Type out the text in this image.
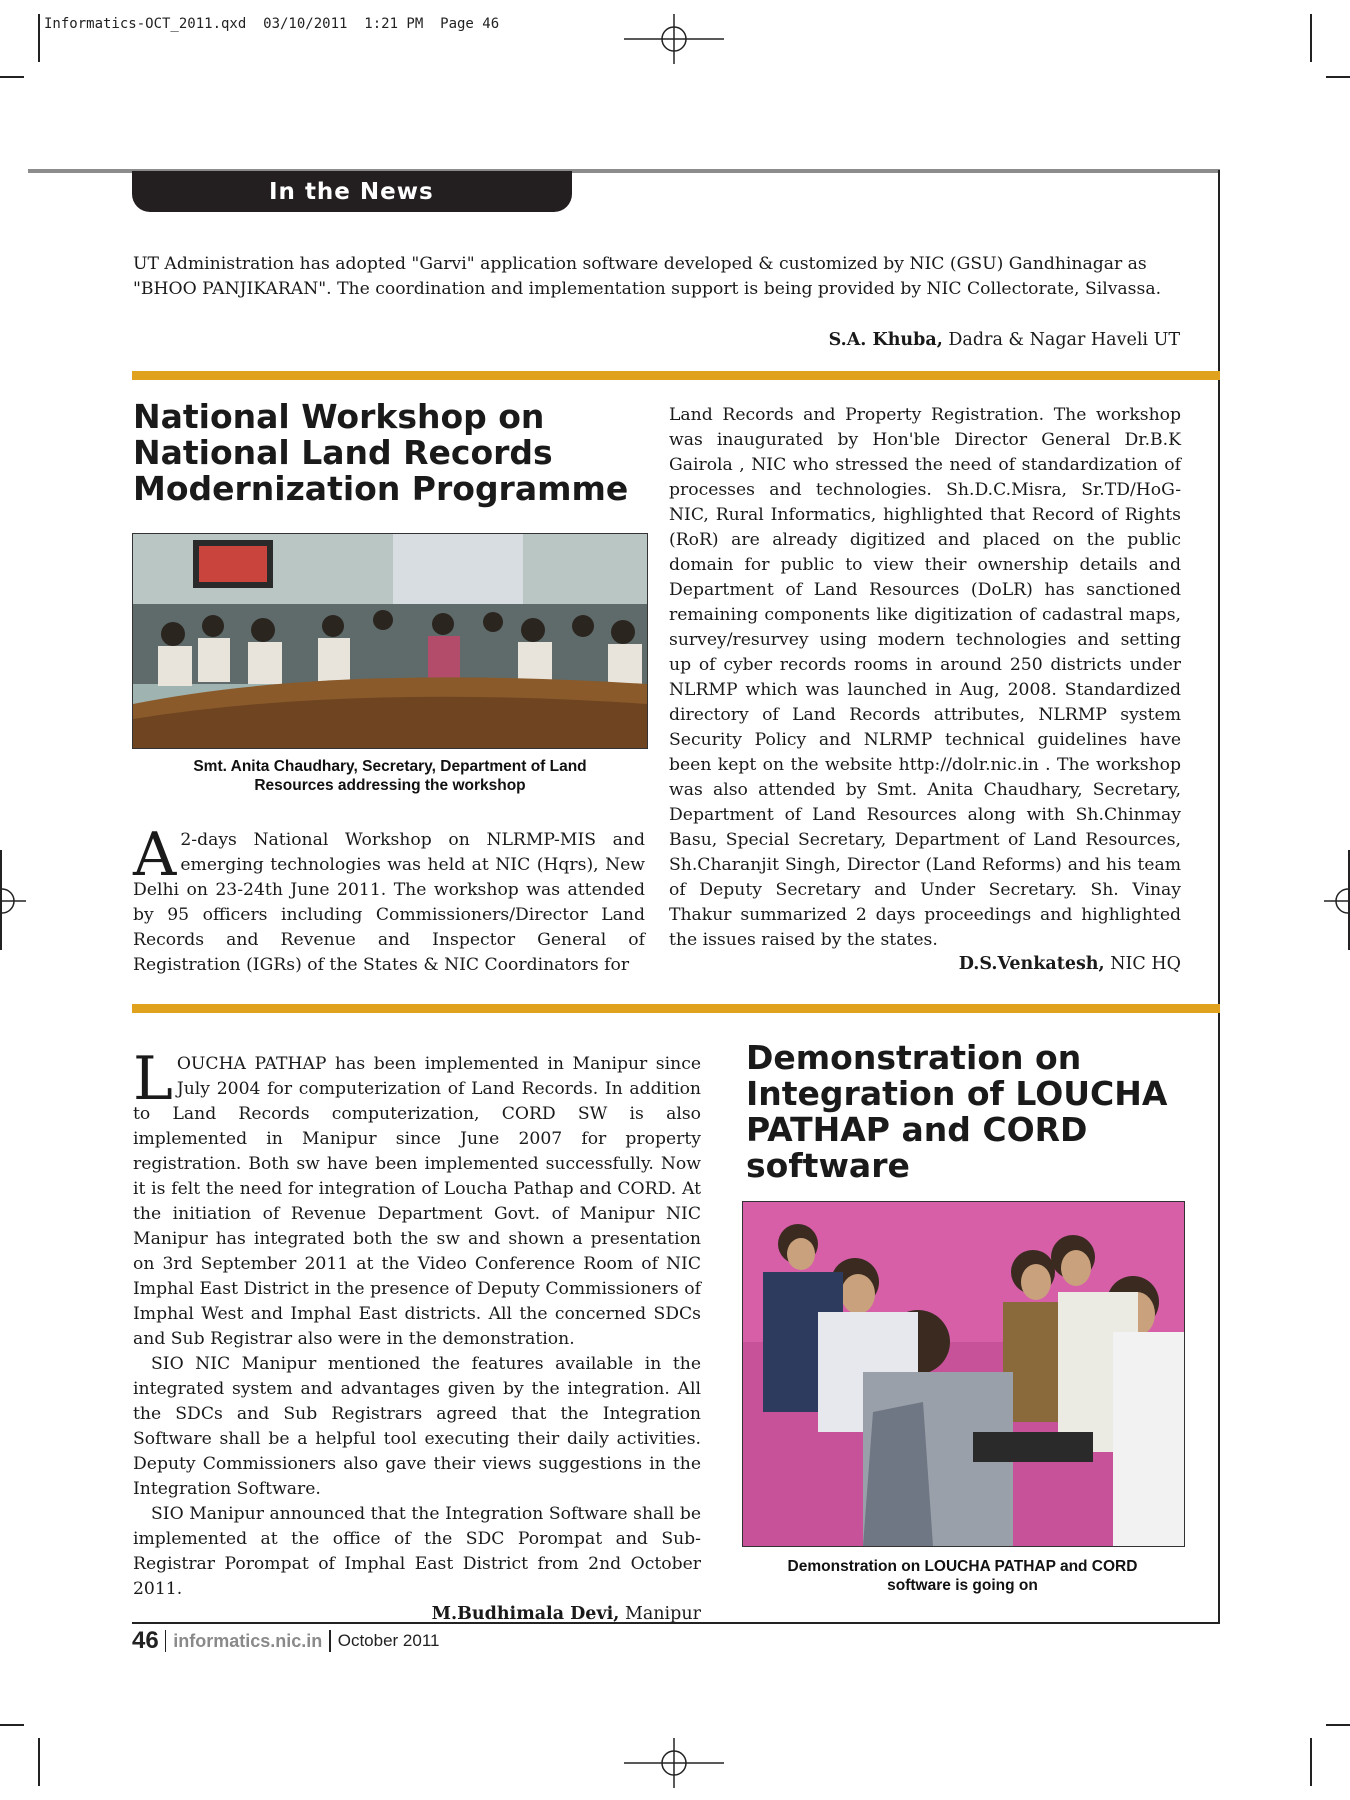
Informatics-OCT_2011.qxd  03/10/2011  1:21 PM  Page 46
In the News
UT Administration has adopted "Garvi" application software developed & customized by NIC (GSU) Gandhinagar as "BHOO PANJIKARAN". The coordination and implementation support is being provided by NIC Collectorate, Silvassa.
S.A. Khuba, Dadra & Nagar Haveli UT
National Workshop on National Land Records Modernization Programme
Smt. Anita Chaudhary, Secretary, Department of Land Resources addressing the workshop
A 2-days National Workshop on NLRMP-MIS and emerging technologies was held at NIC (Hqrs), New Delhi on 23-24th June 2011. The workshop was attended by 95 officers including Commissioners/Director Land Records and Revenue and Inspector General of Registration (IGRs) of the States & NIC Coordinators for
Land Records and Property Registration. The workshop was inaugurated by Hon'ble Director General Dr.B.K Gairola , NIC who stressed the need of standardization of processes and technologies. Sh.D.C.Misra, Sr.TD/HoG-NIC, Rural Informatics, highlighted that Record of Rights (RoR) are already digitized and placed on the public domain for public to view their ownership details and Department of Land Resources (DoLR) has sanctioned remaining components like digitization of cadastral maps, survey/resurvey using modern technologies and setting up of cyber records rooms in around 250 districts under NLRMP which was launched in Aug, 2008. Standardized directory of Land Records attributes, NLRMP system Security Policy and NLRMP technical guidelines have been kept on the website http://dolr.nic.in . The workshop was also attended by Smt. Anita Chaudhary, Secretary, Department of Land Resources along with Sh.Chinmay Basu, Special Secretary, Department of Land Resources, Sh.Charanjit Singh, Director (Land Reforms) and his team of Deputy Secretary and Under Secretary. Sh. Vinay Thakur summarized 2 days proceedings and highlighted the issues raised by the states.
D.S.Venkatesh, NIC HQ

L OUCHA PATHAP has been implemented in Manipur since July 2004 for computerization of Land Records. In addition to Land Records computerization, CORD SW is also implemented in Manipur since June 2007 for property registration. Both sw have been implemented successfully. Now it is felt the need for integration of Loucha Pathap and CORD. At the initiation of Revenue Department Govt. of Manipur NIC Manipur has integrated both the sw and shown a presentation on 3rd September 2011 at the Video Conference Room of NIC Imphal East District in the presence of Deputy Commissioners of Imphal West and Imphal East districts. All the concerned SDCs and Sub Registrar also were in the demonstration.

SIO NIC Manipur mentioned the features available in the integrated system and advantages given by the integration. All the SDCs and Sub Registrars agreed that the Integration Software shall be a helpful tool executing their daily activities. Deputy Commissioners also gave their views suggestions in the Integration Software.

SIO Manipur announced that the Integration Software shall be implemented at the office of the SDC Porompat and Sub-Registrar Porompat of Imphal East District from 2nd October 2011.

M.Budhimala Devi, Manipur
Demonstration on Integration of LOUCHA PATHAP and CORD software
Demonstration on LOUCHA PATHAP and CORD software is going on
46 informatics.nic.in October 2011
